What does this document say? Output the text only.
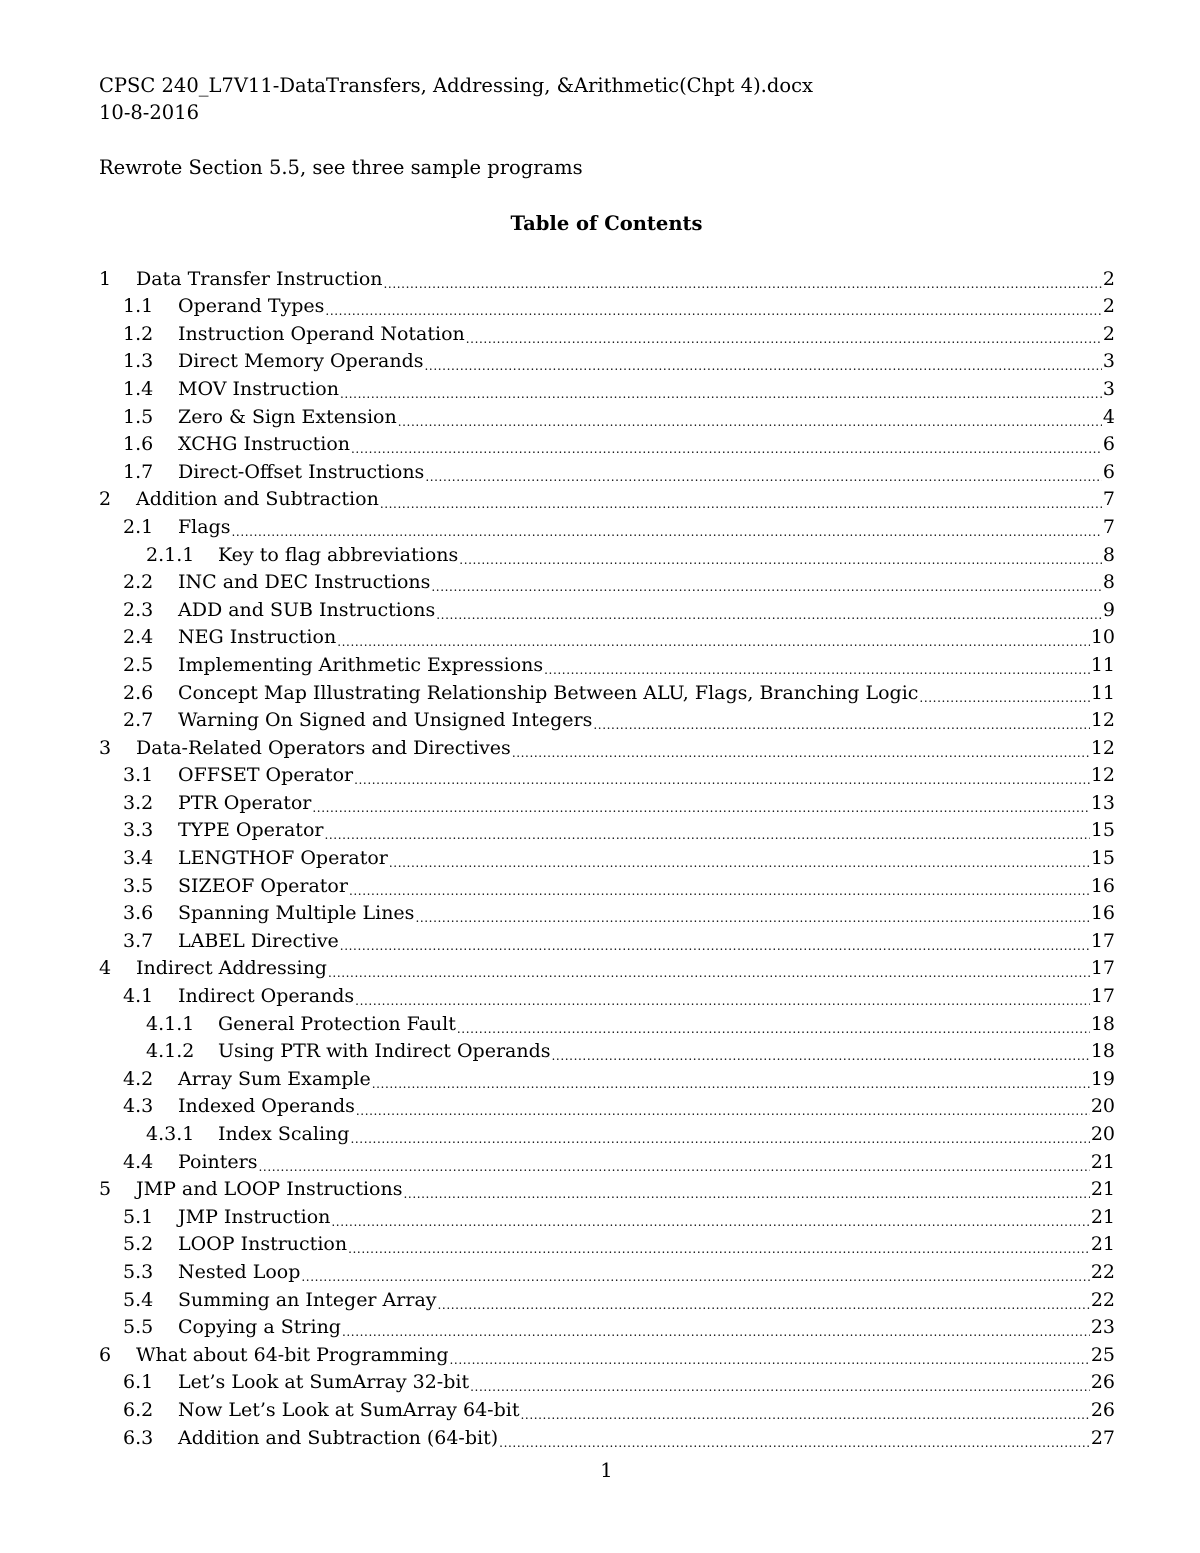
CPSC 240_L7V11-DataTransfers, Addressing, &Arithmetic(Chpt 4).docx
10-8-2016
Rewrote Section 5.5, see three sample programs
Table of Contents
1	Data Transfer Instruction .....	2
1.1	Operand Types .....	2
1.2	Instruction Operand Notation .....	2
1.3	Direct Memory Operands .....	3
1.4	MOV Instruction .....	3
1.5	Zero & Sign Extension .....	4
1.6	XCHG Instruction .....	6
1.7	Direct-Offset Instructions .....	6
2	Addition and Subtraction .....	7
2.1	Flags .....	7
2.1.1	Key to flag abbreviations .....	8
2.2	INC and DEC Instructions .....	8
2.3	ADD and SUB Instructions .....	9
2.4	NEG Instruction .....	10
2.5	Implementing Arithmetic Expressions .....	11
2.6	Concept Map Illustrating Relationship Between ALU, Flags, Branching Logic .....	11
2.7	Warning On Signed and Unsigned Integers .....	12
3	Data-Related Operators and Directives .....	12
3.1	OFFSET Operator .....	12
3.2	PTR Operator .....	13
3.3	TYPE Operator .....	15
3.4	LENGTHOF Operator .....	15
3.5	SIZEOF Operator .....	16
3.6	Spanning Multiple Lines .....	16
3.7	LABEL Directive .....	17
4	Indirect Addressing .....	17
4.1	Indirect Operands .....	17
4.1.1	General Protection Fault .....	18
4.1.2	Using PTR with Indirect Operands .....	18
4.2	Array Sum Example .....	19
4.3	Indexed Operands .....	20
4.3.1	Index Scaling .....	20
4.4	Pointers .....	21
5	JMP and LOOP Instructions .....	21
5.1	JMP Instruction .....	21
5.2	LOOP Instruction .....	21
5.3	Nested Loop .....	22
5.4	Summing an Integer Array .....	22
5.5	Copying a String .....	23
6	What about 64-bit Programming .....	25
6.1	Let’s Look at SumArray 32-bit .....	26
6.2	Now Let’s Look at SumArray 64-bit .....	26
6.3	Addition and Subtraction (64-bit) .....	27
1
